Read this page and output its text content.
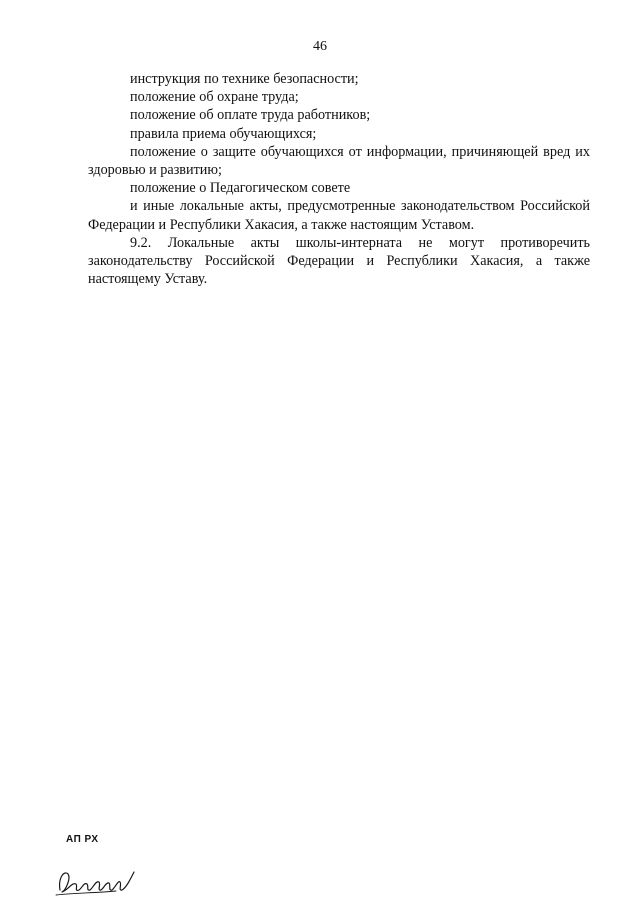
46

инструкция по технике безопасности;

положение об охране труда;

положение об оплате труда работников;

правила приема обучающихся;

положение о защите обучающихся от информации, причиняющей вред их здоровью и развитию;

положение о Педагогическом совете

и иные локальные акты, предусмотренные законодательством Российской Федерации и Республики Хакасия, а также настоящим Уставом.

9.2. Локальные акты школы-интерната не могут противоречить законодательству Российской Федерации и Республики Хакасия, а также настоящему Уставу.

АП РХ
